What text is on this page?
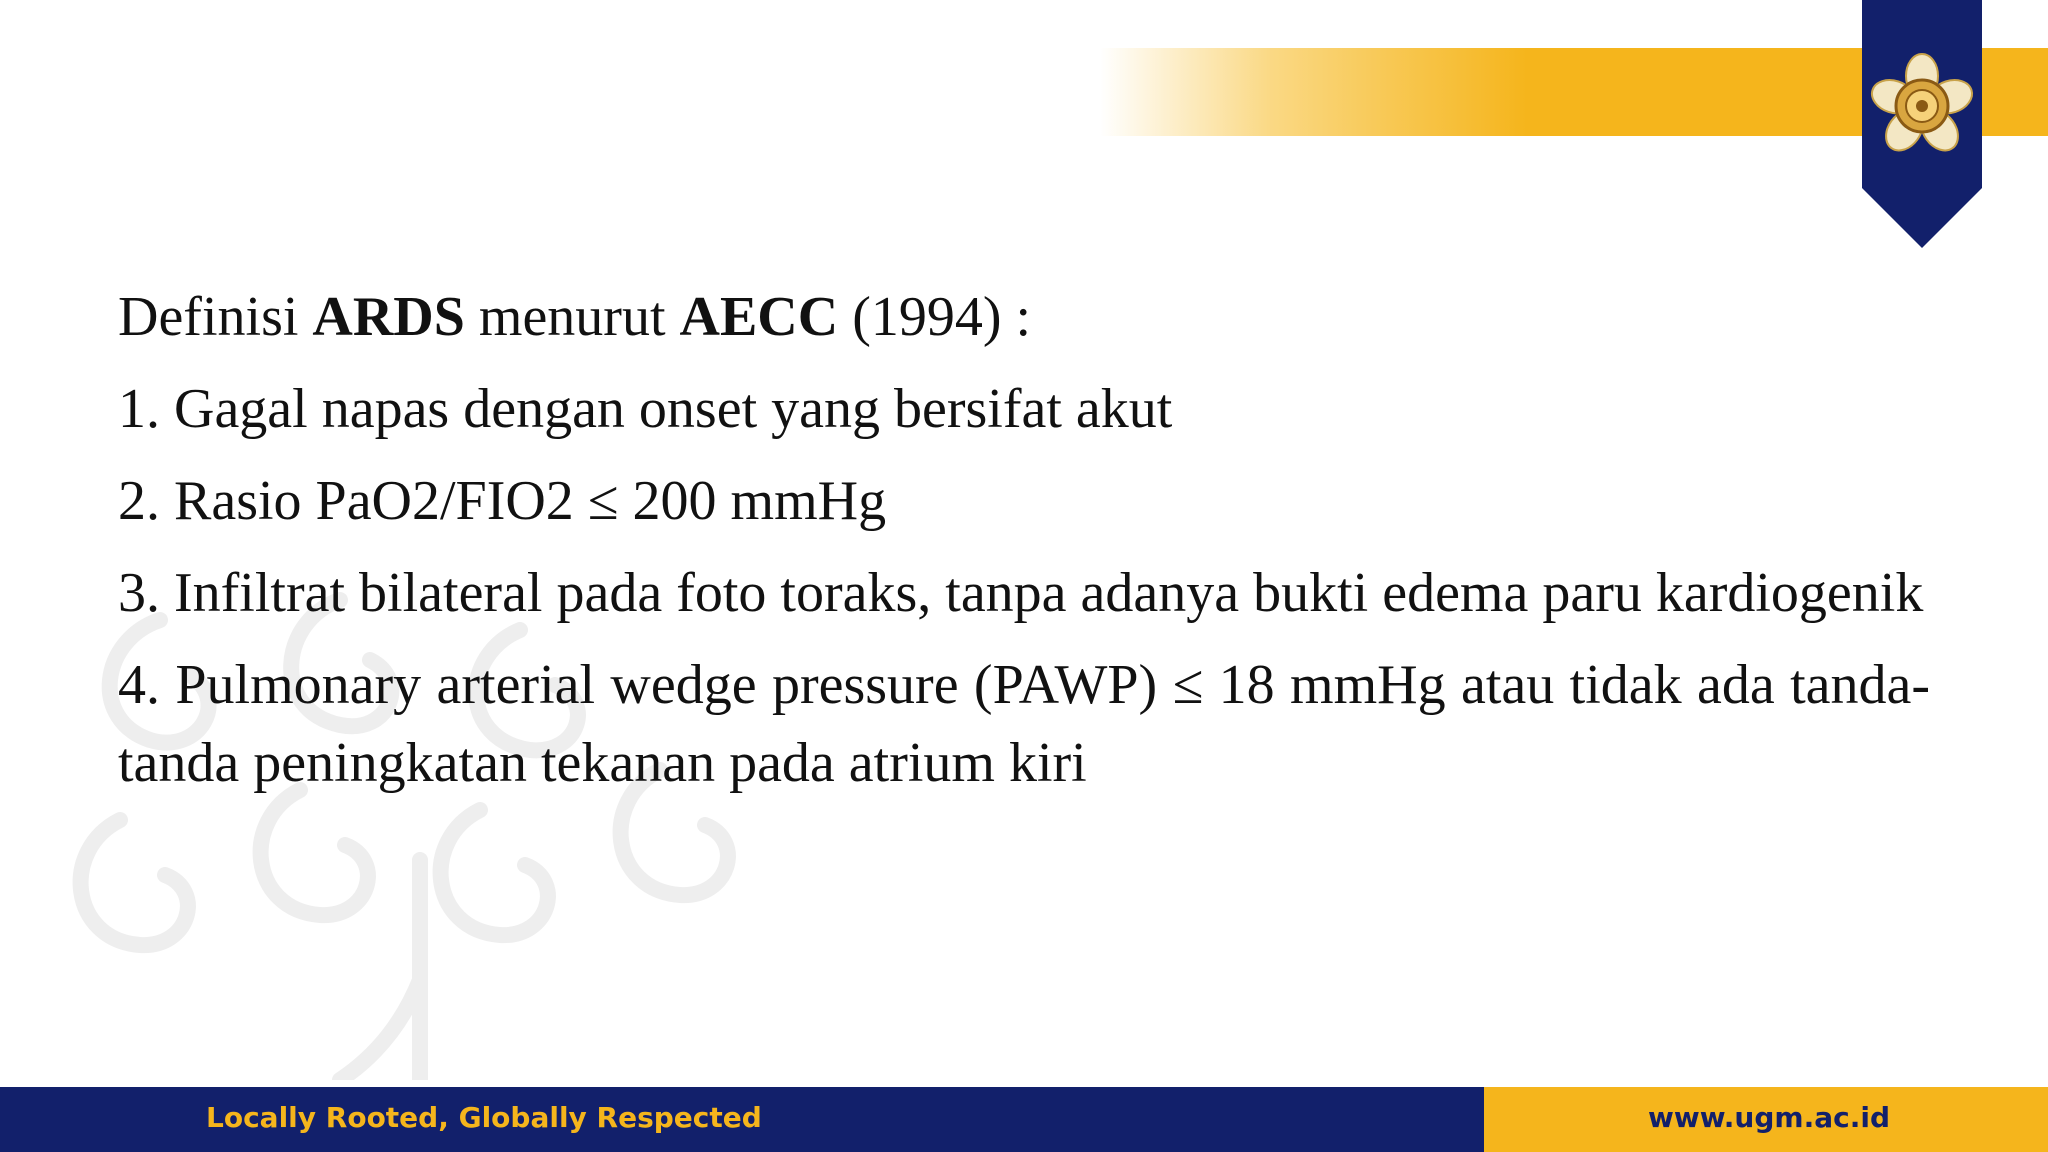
Definisi ARDS menurut AECC (1994) :

1. Gagal napas dengan onset yang bersifat akut

2. Rasio PaO2/FIO2 ≤ 200 mmHg

3. Infiltrat bilateral pada foto toraks, tanpa adanya bukti edema paru kardiogenik

4. Pulmonary arterial wedge pressure (PAWP) ≤ 18 mmHg atau tidak ada tanda-tanda peningkatan tekanan pada atrium kiri

Locally Rooted, Globally Respected	www.ugm.ac.id
